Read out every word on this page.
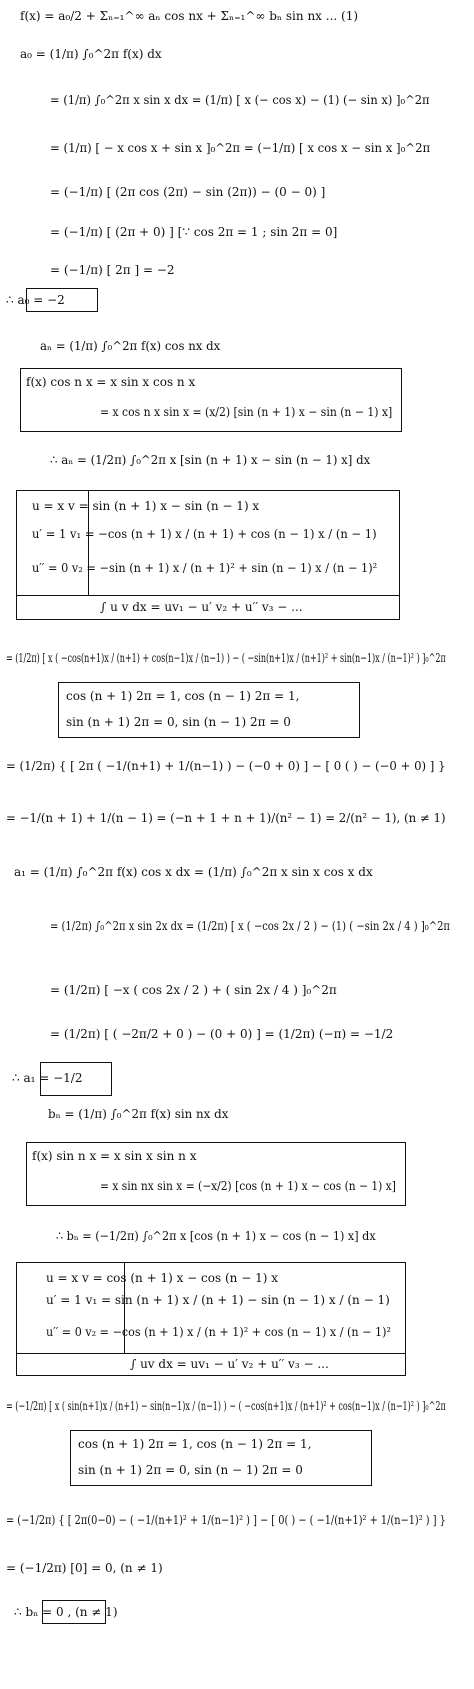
f(x) = a₀/2 + Σₙ₌₁^∞ aₙ cos nx + Σₙ₌₁^∞ bₙ sin nx ... (1)
a₀ = (1/π) ∫₀^2π f(x) dx
= (1/π) ∫₀^2π x sin x dx = (1/π) [ x (− cos x) − (1) (− sin x) ]₀^2π
= (1/π) [ − x cos x + sin x ]₀^2π = (−1/π) [ x cos x − sin x ]₀^2π
= (−1/π) [ (2π cos (2π) − sin (2π)) − (0 − 0) ]
= (−1/π) [ (2π + 0) ] [∵ cos 2π = 1 ; sin 2π = 0]
= (−1/π) [ 2π ] = −2
∴ a₀ = −2
aₙ = (1/π) ∫₀^2π f(x) cos nx dx
f(x) cos n x = x sin x cos n x
= x cos n x sin x = (x/2) [sin (n + 1) x − sin (n − 1) x]
∴ aₙ = (1/2π) ∫₀^2π x [sin (n + 1) x − sin (n − 1) x] dx
u = x v = sin (n + 1) x − sin (n − 1) x
u′ = 1 v₁ = −cos (n + 1) x / (n + 1) + cos (n − 1) x / (n − 1)
u′′ = 0 v₂ = −sin (n + 1) x / (n + 1)² + sin (n − 1) x / (n − 1)²
∫ u v dx = uv₁ − u′ v₂ + u′′ v₃ − ...
= (1/2π) [ x ( −cos(n+1)x / (n+1) + cos(n−1)x / (n−1) ) − ( −sin(n+1)x / (n+1)² + sin(n−1)x / (n−1)² ) ]₀^2π
cos (n + 1) 2π = 1, cos (n − 1) 2π = 1,
sin (n + 1) 2π = 0, sin (n − 1) 2π = 0
= (1/2π) { [ 2π ( −1/(n+1) + 1/(n−1) ) − (−0 + 0) ] − [ 0 ( ) − (−0 + 0) ] }
= −1/(n + 1) + 1/(n − 1) = (−n + 1 + n + 1)/(n² − 1) = 2/(n² − 1), (n ≠ 1)
a₁ = (1/π) ∫₀^2π f(x) cos x dx = (1/π) ∫₀^2π x sin x cos x dx
= (1/2π) ∫₀^2π x sin 2x dx = (1/2π) [ x ( −cos 2x / 2 ) − (1) ( −sin 2x / 4 ) ]₀^2π
= (1/2π) [ −x ( cos 2x / 2 ) + ( sin 2x / 4 ) ]₀^2π
= (1/2π) [ ( −2π/2 + 0 ) − (0 + 0) ] = (1/2π) (−π) = −1/2
∴ a₁ = −1/2
bₙ = (1/π) ∫₀^2π f(x) sin nx dx
f(x) sin n x = x sin x sin n x
= x sin nx sin x = (−x/2) [cos (n + 1) x − cos (n − 1) x]
∴ bₙ = (−1/2π) ∫₀^2π x [cos (n + 1) x − cos (n − 1) x] dx
u = x v = cos (n + 1) x − cos (n − 1) x
u′ = 1 v₁ = sin (n + 1) x / (n + 1) − sin (n − 1) x / (n − 1)
u′′ = 0 v₂ = −cos (n + 1) x / (n + 1)² + cos (n − 1) x / (n − 1)²
∫ uv dx = uv₁ − u′ v₂ + u′′ v₃ − ...
= (−1/2π) [ x ( sin(n+1)x / (n+1) − sin(n−1)x / (n−1) ) − ( −cos(n+1)x / (n+1)² + cos(n−1)x / (n−1)² ) ]₀^2π
cos (n + 1) 2π = 1, cos (n − 1) 2π = 1,
sin (n + 1) 2π = 0, sin (n − 1) 2π = 0
= (−1/2π) { [ 2π(0−0) − ( −1/(n+1)² + 1/(n−1)² ) ] − [ 0( ) − ( −1/(n+1)² + 1/(n−1)² ) ] }
= (−1/2π) [0] = 0, (n ≠ 1)
∴ bₙ = 0 , (n ≠ 1)
